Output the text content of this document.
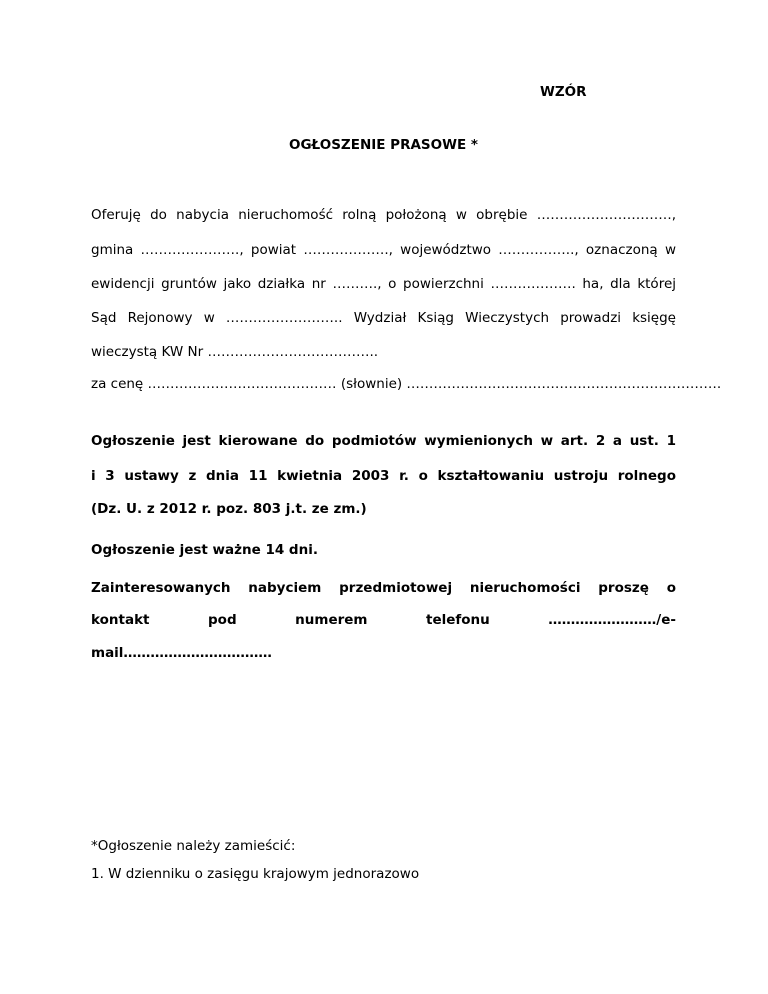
WZÓR
OGŁOSZENIE PRASOWE *
Oferuję do nabycia nieruchomość rolną położoną w obrębie …………………………,
gmina …………………., powiat ………………., województwo …………….., oznaczoną w
ewidencji gruntów jako działka nr ………., o powierzchni ………………. ha, dla której
Sąd Rejonowy w …………………….. Wydział Ksiąg Wieczystych prowadzi księgę
wieczystą KW Nr ………………………………..
za cenę …………………………………… (słownie) …………………………………………………………….
Ogłoszenie jest kierowane do podmiotów wymienionych w art. 2 a ust. 1
i 3 ustawy z dnia 11 kwietnia 2003 r. o kształtowaniu ustroju rolnego
(Dz. U. z 2012 r. poz. 803 j.t. ze zm.)
Ogłoszenie jest ważne 14 dni.
Zainteresowanych nabyciem przedmiotowej nieruchomości proszę o
kontakt pod numerem telefonu ……………………/e-
mail……………………………
*Ogłoszenie należy zamieścić:
1. W dzienniku o zasięgu krajowym jednorazowo
